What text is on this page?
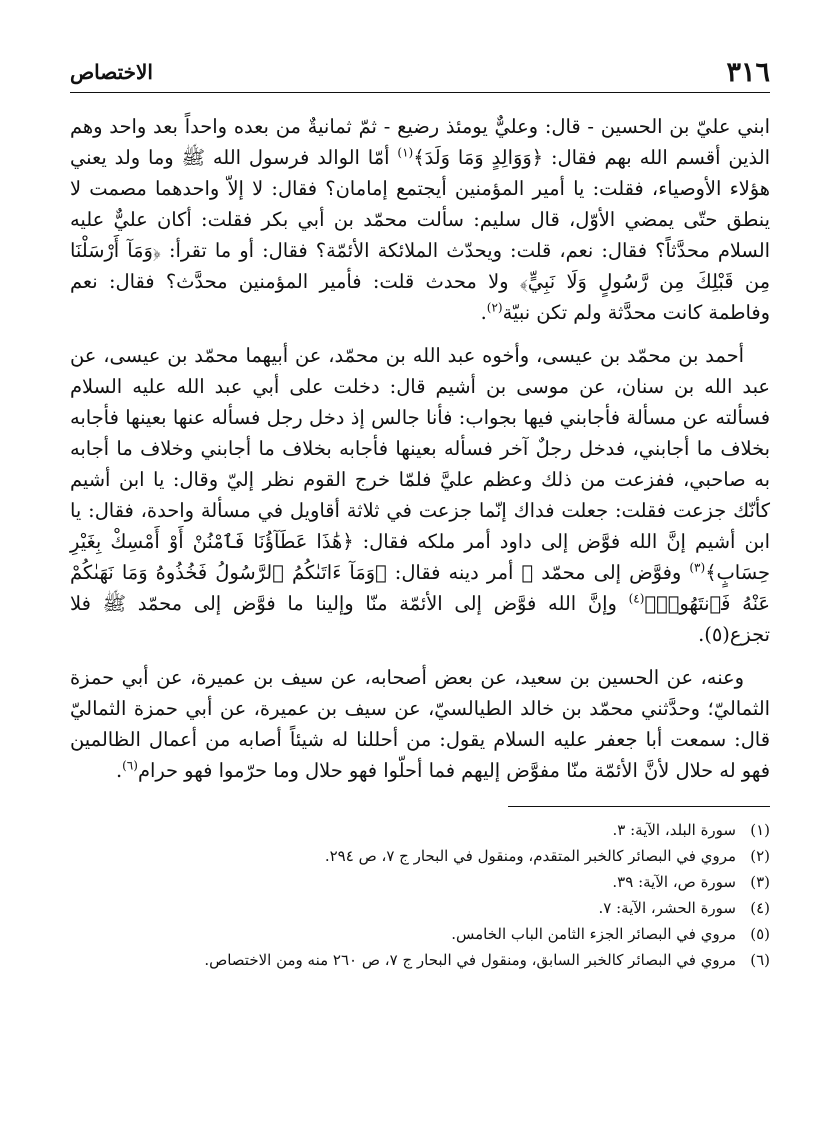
٣١٦
الاختصاص

ابني عليّ بن الحسين - قال: وعليٌّ يومئذ رضيع - ثمّ ثمانيةٌ من بعده واحداً بعد واحد وهم الذين أقسم الله بهم فقال: ﴿وَوَالِدٍ وَمَا وَلَدَ﴾$^{(١)}$ أمّا الوالد فرسول الله ﷺ وما ولد يعني هؤلاء الأوصياء، فقلت: يا أمير المؤمنين أيجتمع إمامان؟ فقال: لا إلاّ واحدهما مصمت لا ينطق حتّى يمضي الأوّل، قال سليم: سألت محمّد بن أبي بكر فقلت: أكان عليٌّ عليه السلام محدَّثاً؟ فقال: نعم، قلت: ويحدّث الملائكة الأئمّة؟ فقال: أو ما تقرأ: ﴿وَمَآ أَرْسَلْنَا مِن قَبْلِكَ مِن رَّسُولٍ وَلَا نَبِيٍّ﴾ ولا محدث قلت: فأمير المؤمنين محدَّث؟ فقال: نعم وفاطمة كانت محدَّثة ولم تكن نبيّة$^{(٢)}$.

أحمد بن محمّد بن عيسى، وأخوه عبد الله بن محمّد، عن أبيهما محمّد بن عيسى، عن عبد الله بن سنان، عن موسى بن أشيم قال: دخلت على أبي عبد الله عليه السلام فسألته عن مسألة فأجابني فيها بجواب: فأنا جالس إذ دخل رجل فسأله عنها بعينها فأجابه بخلاف ما أجابني، فدخل رجلٌ آخر فسأله بعينها فأجابه بخلاف ما أجابني وخلاف ما أجابه به صاحبي، ففزعت من ذلك وعظم عليَّ فلمّا خرج القوم نظر إليّ وقال: يا ابن أشيم كأنّك جزعت فقلت: جعلت فداك إنّما جزعت في ثلاثة أقاويل في مسألة واحدة، فقال: يا ابن أشيم إنَّ الله فوَّض إلى داود أمر ملكه فقال: ﴿هَٰذَا عَطَآؤُنَا فَٱمْنُنْ أَوْ أَمْسِكْ بِغَيْرِ حِسَابٍ﴾$^{(٣)}$ وفوَّض إلى محمّد ﷺ أمر دينه فقال: ﴿وَمَآ ءَاتَىٰكُمُ ٱلرَّسُولُ فَخُذُوهُ وَمَا نَهَىٰكُمْ عَنْهُ فَٱنتَهُوا۟﴾$^{(٤)}$ وإنَّ الله فوَّض إلى الأئمّة منّا وإلينا ما فوَّض إلى محمّد ﷺ فلا تجزع(٥).

وعنه، عن الحسين بن سعيد، عن بعض أصحابه، عن سيف بن عميرة، عن أبي حمزة الثماليّ؛ وحدَّثني محمّد بن خالد الطيالسيّ، عن سيف بن عميرة، عن أبي حمزة الثماليّ قال: سمعت أبا جعفر عليه السلام يقول: من أحللنا له شيئاً أصابه من أعمال الظالمين فهو له حلال لأنَّ الأئمّة منّا مفوَّض إليهم فما أحلّوا فهو حلال وما حرّموا فهو حرام$^{(٦)}$.

(١)
سورة البلد، الآية: ٣.
(٢)
مروي في البصائر كالخبر المتقدم، ومنقول في البحار ج ٧، ص ٢٩٤.
(٣)
سورة ص، الآية: ٣٩.
(٤)
سورة الحشر، الآية: ٧.
(٥)
مروي في البصائر الجزء الثامن الباب الخامس.
(٦)
مروي في البصائر كالخبر السابق، ومنقول في البحار ج ٧، ص ٢٦٠ منه ومن الاختصاص.
